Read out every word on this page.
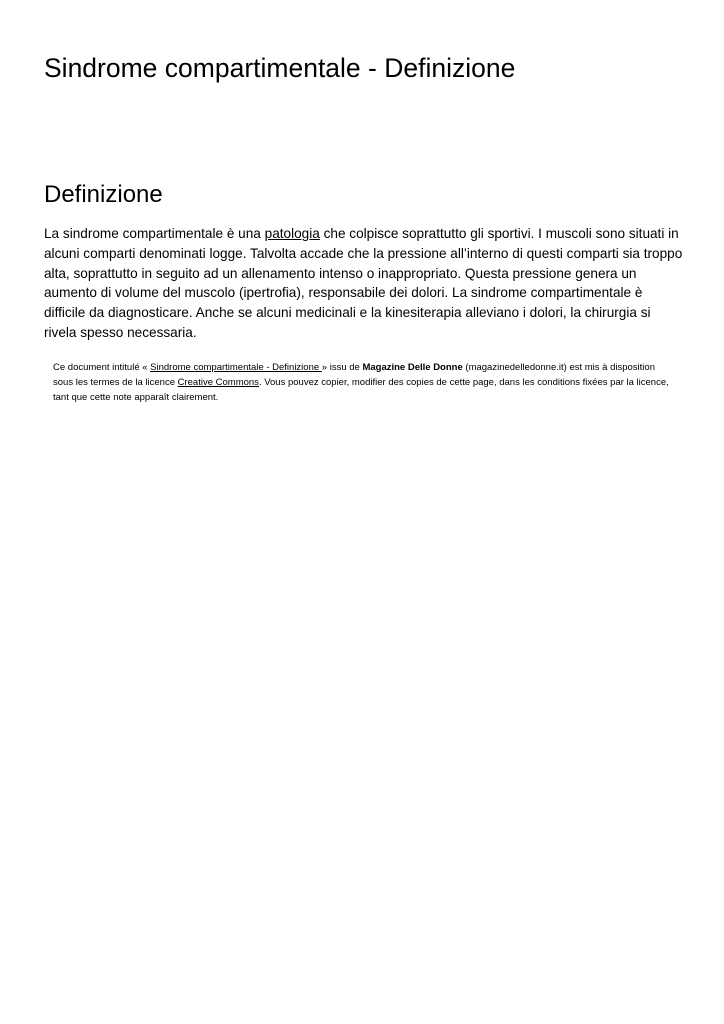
Sindrome compartimentale - Definizione
Definizione

La sindrome compartimentale è una patologia che colpisce soprattutto gli sportivi. I muscoli sono situati in alcuni comparti denominati logge. Talvolta accade che la pressione all’interno di questi comparti sia troppo alta, soprattutto in seguito ad un allenamento intenso o inappropriato. Questa pressione genera un aumento di volume del muscolo (ipertrofia), responsabile dei dolori. La sindrome compartimentale è difficile da diagnosticare. Anche se alcuni medicinali e la kinesiterapia alleviano i dolori, la chirurgia si rivela spesso necessaria.

Ce document intitulé « Sindrome compartimentale - Definizione » issu de Magazine Delle Donne (magazinedelledonne.it) est mis à disposition sous les termes de la licence Creative Commons. Vous pouvez copier, modifier des copies de cette page, dans les conditions fixées par la licence, tant que cette note apparaît clairement.
